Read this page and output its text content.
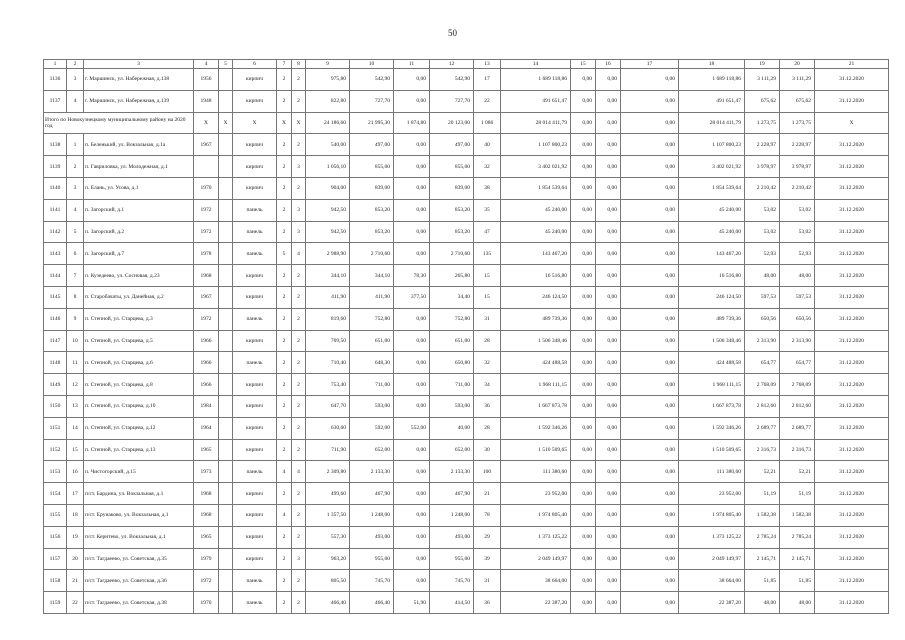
50
1	2	3	4	5	6	7	8	9	10	11	12	13	14	15	16	17	18	19	20	21
1136	3	г. Маршинск, ул. Набережная, д.138	1956		кирпич	2	2	975,80	542,90	0,00	542,90	17	1 689 118,86	0,00	0,00	0,00	1 689 118,86	3 111,29	3 111,29	31.12.2020
1137	4	г. Маршинск, ул. Набережная, д.139	1948		кирпич	2	2	822,80	727,70	0,00	727,70	22	491 651,47	0,00	0,00	0,00	491 651,47	675,62	675,62	31.12.2020
Итого по Новокузнецкому муниципальному району на 2020 год			X	X	X	X	X	24 186,60	21 995,30	1 874,80	20 123,00	1 086	28 014 411,79	0,00	0,00	0,00	28 014 411,79	1 273,75	1 273,75	X
1138	1	п. Беленький, ул. Вокзальная, д.1а	1967		кирпич	2	2	540,00	497,00	0,00	497,00	40	1 107 800,23	0,00	0,00	0,00	1 107 800,23	2 228,97	2 228,97	31.12.2020
1139	2	п. Гавриловка, ул. Молодежная, д.1			кирпич	2	3	1 056,10	855,00	0,00	855,00	32	3 402 021,92	0,00	0,00	0,00	3 402 021,92	3 978,97	3 978,97	31.12.2020
1140	3	п. Елань, ул. Усова, д.1	1970		кирпич	2	2	904,00	839,00	0,00	839,00	38	1 854 539,64	0,00	0,00	0,00	1 854 539,64	2 210,42	2 210,42	31.12.2020
1141	4	п. Загорский, д.1	1972		панель	2	3	942,50	853,20	0,00	853,20	35	45 240,00	0,00	0,00	0,00	45 240,00	53,02	53,02	31.12.2020
1142	5	п. Загорский, д.2	1972		панель	2	3	942,50	853,20	0,00	853,20	47	45 240,00	0,00	0,00	0,00	45 240,00	53,02	53,02	31.12.2020
1143	6	п. Загорский, д.7	1978		панель	5	4	2 988,90	2 710,60	0,00	2 710,60	135	143 467,20	0,00	0,00	0,00	143 467,20	52,93	52,93	31.12.2020
1144	7	п. Кузедеево, ул. Сосновая, д.23	1968		кирпич	2	2	344,10	344,10	78,30	265,80	15	16 516,80	0,00	0,00	0,00	16 516,80	48,00	48,00	31.12.2020
1145	8	п. Старобачаты, ул. Данейная, д.2	1967		кирпич	2	2	411,90	411,90	377,50	34,40	15	246 124,50	0,00	0,00	0,00	246 124,50	597,53	597,53	31.12.2020
1146	9	п. Степной, ул. Старцева, д.3	1972		панель	2	2	819,60	752,80	0,00	752,80	31	489 739,36	0,00	0,00	0,00	489 739,36	650,56	650,56	31.12.2020
1147	10	п. Степной, ул. Старцева, д.5	1966		кирпич	2	2	709,50	651,00	0,00	651,00	28	1 506 348,46	0,00	0,00	0,00	1 506 348,46	2 313,90	2 313,90	31.12.2020
1148	11	п. Степной, ул. Старцева, д.6	1966		панель	2	2	710,40	648,30	0,00	650,80	32	424 488,58	0,00	0,00	0,00	424 488,58	654,77	654,77	31.12.2020
1149	12	п. Степной, ул. Старцева, д.8	1966		кирпич	2	2	753,40	711,00	0,00	711,00	34	1 968 111,15	0,00	0,00	0,00	1 968 111,15	2 768,09	2 768,09	31.12.2020
1150	13	п. Степной, ул. Старцева, д.10	1984		кирпич	2	2	647,70	593,00	0,00	593,00	36	1 667 873,78	0,00	0,00	0,00	1 667 873,78	2 812,60	2 812,60	31.12.2020
1151	14	п. Степной, ул. Старцева, д.12	1964		кирпич	2	2	630,60	592,00	552,00	40,00	28	1 592 346,26	0,00	0,00	0,00	1 592 346,26	2 689,77	2 689,77	31.12.2020
1152	15	п. Степной, ул. Старцева, д.13	1965		кирпич	2	2	711,90	652,00	0,00	652,00	30	1 510 509,65	0,00	0,00	0,00	1 510 509,65	2 316,73	2 316,73	31.12.2020
1153	16	п. Чистогорский, д.15	1973		панель	4	4	2 309,80	2 133,30	0,00	2 133,30	100	111 380,60	0,00	0,00	0,00	111 380,60	52,21	52,21	31.12.2020
1154	17	п/ст. Бардина, ул. Вокзальная, д.1	1968		кирпич	2	2	499,60	467,90	0,00	467,90	21	23 952,00	0,00	0,00	0,00	23 952,00	51,19	51,19	31.12.2020
1155	18	п/ст. Ерунаково, ул. Вокзальная, д.1	1968		кирпич	4	2	1 357,50	1 248,00	0,00	1 248,00	78	1 974 805,40	0,00	0,00	0,00	1 974 805,40	1 582,38	1 582,38	31.12.2020
1156	19	п/ст. Кернтево, ул. Вокзальная, д.1	1965		кирпич	2	2	557,30	493,00	0,00	493,00	29	1 373 125,22	0,00	0,00	0,00	1 373 125,22	2 785,24	2 785,24	31.12.2020
1157	20	п/ст. Тагдаеево, ул. Советская, д.35	1979		кирпич	2	3	963,20	955,00	0,00	955,00	39	2 049 149,97	0,00	0,00	0,00	2 049 149,97	2 145,71	2 145,71	31.12.2020
1158	21	п/ст. Тагдаеево, ул. Советская, д.36	1972		панель	2	2	805,50	745,70	0,00	745,70	31	38 664,00	0,00	0,00	0,00	38 664,00	51,85	51,85	31.12.2020
1159	22	п/ст. Тагдаеево, ул. Советская, д.38	1970		панель	2	2	466,40	466,40	51,90	414,50	36	22 387,20	0,00	0,00	0,00	22 387,20	48,00	48,00	31.12.2020
